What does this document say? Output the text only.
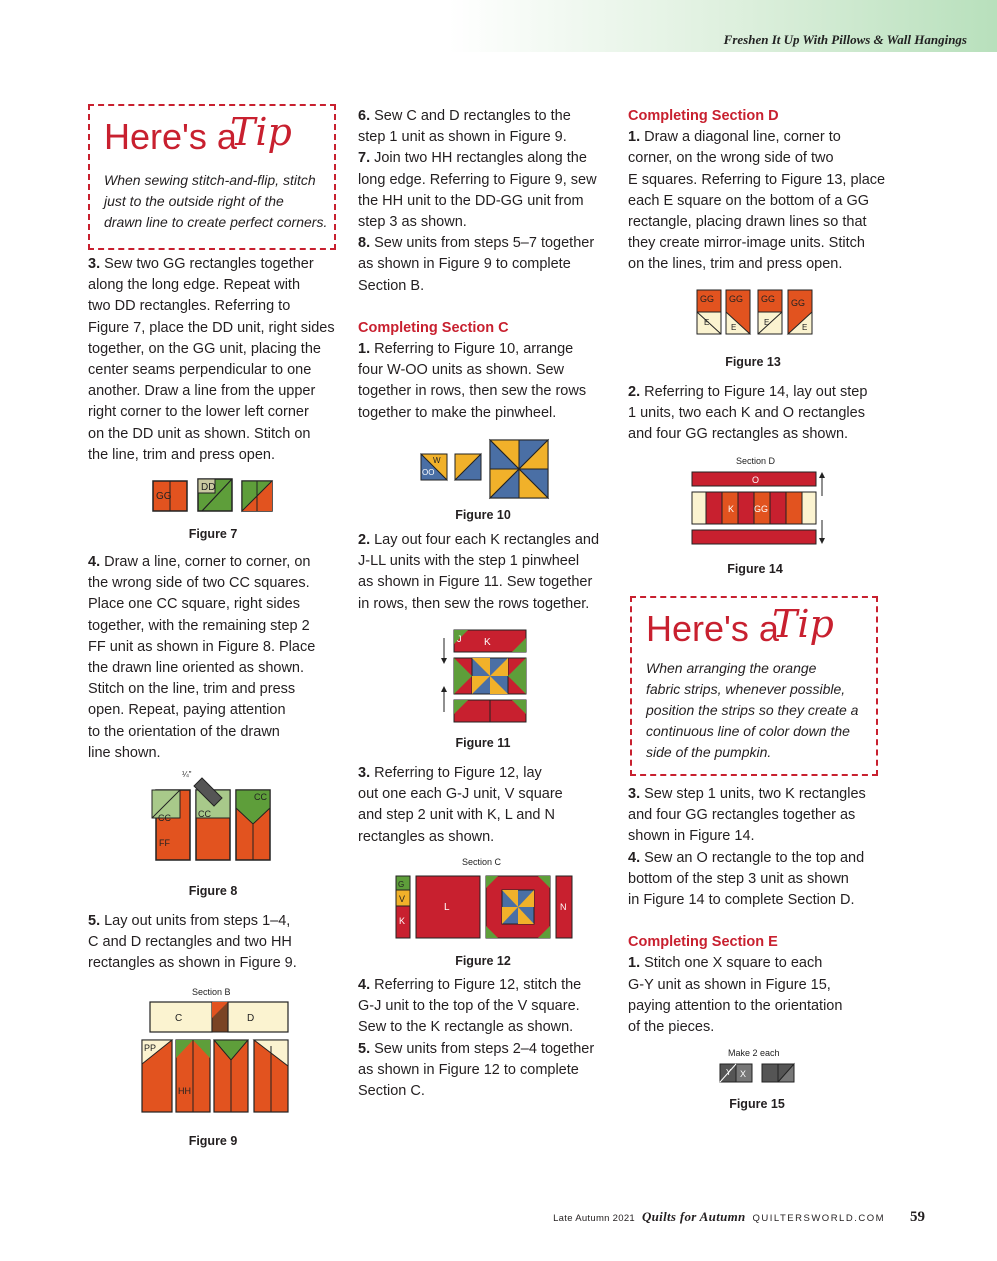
Freshen It Up With Pillows & Wall Hangings
Here's a
Tip
When sewing stitch-and-flip, stitch
just to the outside right of the
drawn line to create perfect corners.

3. Sew two GG rectangles together

along the long edge. Repeat with

two DD rectangles. Referring to

Figure 7, place the DD unit, right sides

together, on the GG unit, placing the

center seams perpendicular to one

another. Draw a line from the upper

right corner to the lower left corner

on the DD unit as shown. Stitch on

the line, trim and press open.

GG
DD
Figure 7

4. Draw a line, corner to corner, on

the wrong side of two CC squares.

Place one CC square, right sides

together, with the remaining step 2

FF unit as shown in Figure 8. Place

the drawn line oriented as shown.

Stitch on the line, trim and press

open. Repeat, paying attention

to the orientation of the drawn

line shown.

¼"
CC
FF
CC
CC
Figure 8

5. Lay out units from steps 1–4,

C and D rectangles and two HH

rectangles as shown in Figure 9.

Section B
C	D
PP
HH
Figure 9

6. Sew C and D rectangles to the

step 1 unit as shown in Figure 9.

7. Join two HH rectangles along the

long edge. Referring to Figure 9, sew

the HH unit to the DD-GG unit from

step 3 as shown.

8. Sew units from steps 5–7 together

as shown in Figure 9 to complete

Section B.

Completing Section C

1. Referring to Figure 10, arrange

four W-OO units as shown. Sew

together in rows, then sew the rows

together to make the pinwheel.

W
OO
Figure 10

2. Lay out four each K rectangles and

J-LL units with the step 1 pinwheel

as shown in Figure 11. Sew together

in rows, then sew the rows together.

J K
Figure 11

3. Referring to Figure 12, lay

out one each G-J unit, V square

and step 2 unit with K, L and N

rectangles as shown.

Section C
G
V
K
L	N
Figure 12

4. Referring to Figure 12, stitch the

G-J unit to the top of the V square.

Sew to the K rectangle as shown.

5. Sew units from steps 2–4 together

as shown in Figure 12 to complete

Section C.

Completing Section D

1. Draw a diagonal line, corner to

corner, on the wrong side of two

E squares. Referring to Figure 13, place

each E square on the bottom of a GG

rectangle, placing drawn lines so that

they create mirror-image units. Stitch

on the lines, trim and press open.

GG
E
GG
E
GG
E
GG
E
Figure 13

2. Referring to Figure 14, lay out step

1 units, two each K and O rectangles

and four GG rectangles as shown.

Section D
O
K GG
Figure 14
Here's a
Tip
When arranging the orange
fabric strips, whenever possible,
position the strips so they create a
continuous line of color down the
side of the pumpkin.

3. Sew step 1 units, two K rectangles

and four GG rectangles together as

shown in Figure 14.

4. Sew an O rectangle to the top and

bottom of the step 3 unit as shown

in Figure 14 to complete Section D.

Completing Section E

1. Stitch one X square to each

G-Y unit as shown in Figure 15,

paying attention to the orientation

of the pieces.

Make 2 each
Y X
Figure 15
Late Autumn 2021 Quilts for Autumn QUILTERSWORLD.COM 59
